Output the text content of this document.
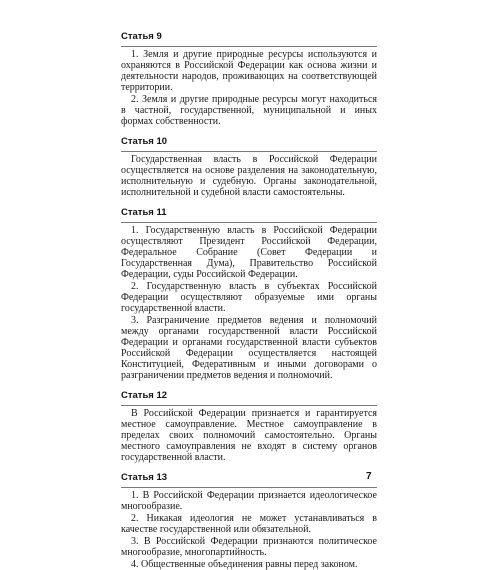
Статья 9

1. Земля и другие природные ресурсы используются и охраняются в Российской Федерации как основа жизни и деятельности народов, проживающих на соответствующей территории.

2. Земля и другие природные ресурсы могут находиться в частной, государственной, муниципальной и иных формах собственности.

Статья 10

Государственная власть в Российской Федерации осуществляется на основе разделения на законодательную, исполнительную и судебную. Органы законодательной, исполнительной и судебной власти самостоятельны.

Статья 11

1. Государственную власть в Российской Федерации осуществляют Президент Российской Федерации, Федеральное Собрание (Совет Федерации и Государственная Дума), Правительство Российской Федерации, суды Российской Федерации.

2. Государственную власть в субъектах Российской Федерации осуществляют образуемые ими органы государственной власти.

3. Разграничение предметов ведения и полномочий между органами государственной власти Российской Федерации и органами государственной власти субъектов Российской Федерации осуществляется настоящей Конституцией, Федеративным и иными договорами о разграничении предметов ведения и полномочий.

Статья 12

В Российской Федерации признается и гарантируется местное самоуправление. Местное самоуправление в пределах своих полномочий самостоятельно. Органы местного самоуправления не входят в систему органов государственной власти.

Статья 13

1. В Российской Федерации признается идеологическое многообразие.

2. Никакая идеология не может устанавливаться в качестве государственной или обязательной.

3. В Российской Федерации признаются политическое многообразие, многопартийность.

4. Общественные объединения равны перед законом.

7
